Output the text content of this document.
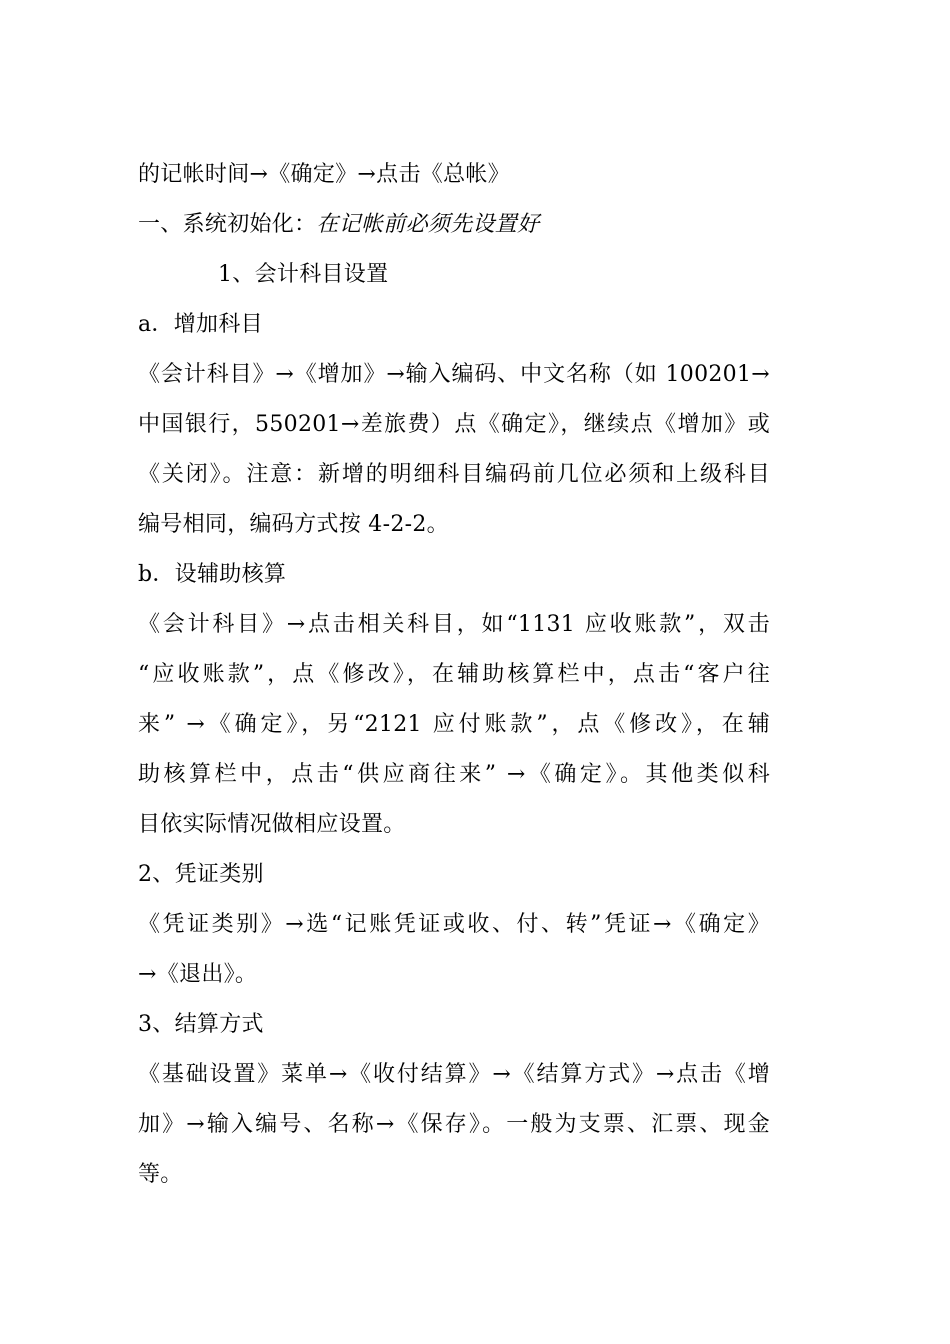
的记帐时间→《确定》→点击《总帐》
一、系统初始化：在记帐前必须先设置好
1、会计科目设置
a．增加科目
《会计科目》→《增加》→输入编码、中文名称（如 100201→
中国银行，550201→差旅费）点《确定》，继续点《增加》或
《关闭》。注意：新增的明细科目编码前几位必须和上级科目
编号相同，编码方式按 4-2-2。
b．设辅助核算
《会计科目》→点击相关科目，如“1131 应收账款”，双击
“应收账款”，点《修改》，在辅助核算栏中，点击“客户往
来” →《确定》，另“2121 应付账款”，点《修改》，在辅
助核算栏中，点击“供应商往来” →《确定》。其他类似科
目依实际情况做相应设置。
2、凭证类别
《凭证类别》→选“记账凭证或收、付、转”凭证→《确定》
→《退出》。
3、结算方式
《基础设置》菜单→《收付结算》→《结算方式》→点击《增
加》→输入编号、名称→《保存》。一般为支票、汇票、现金
等。
